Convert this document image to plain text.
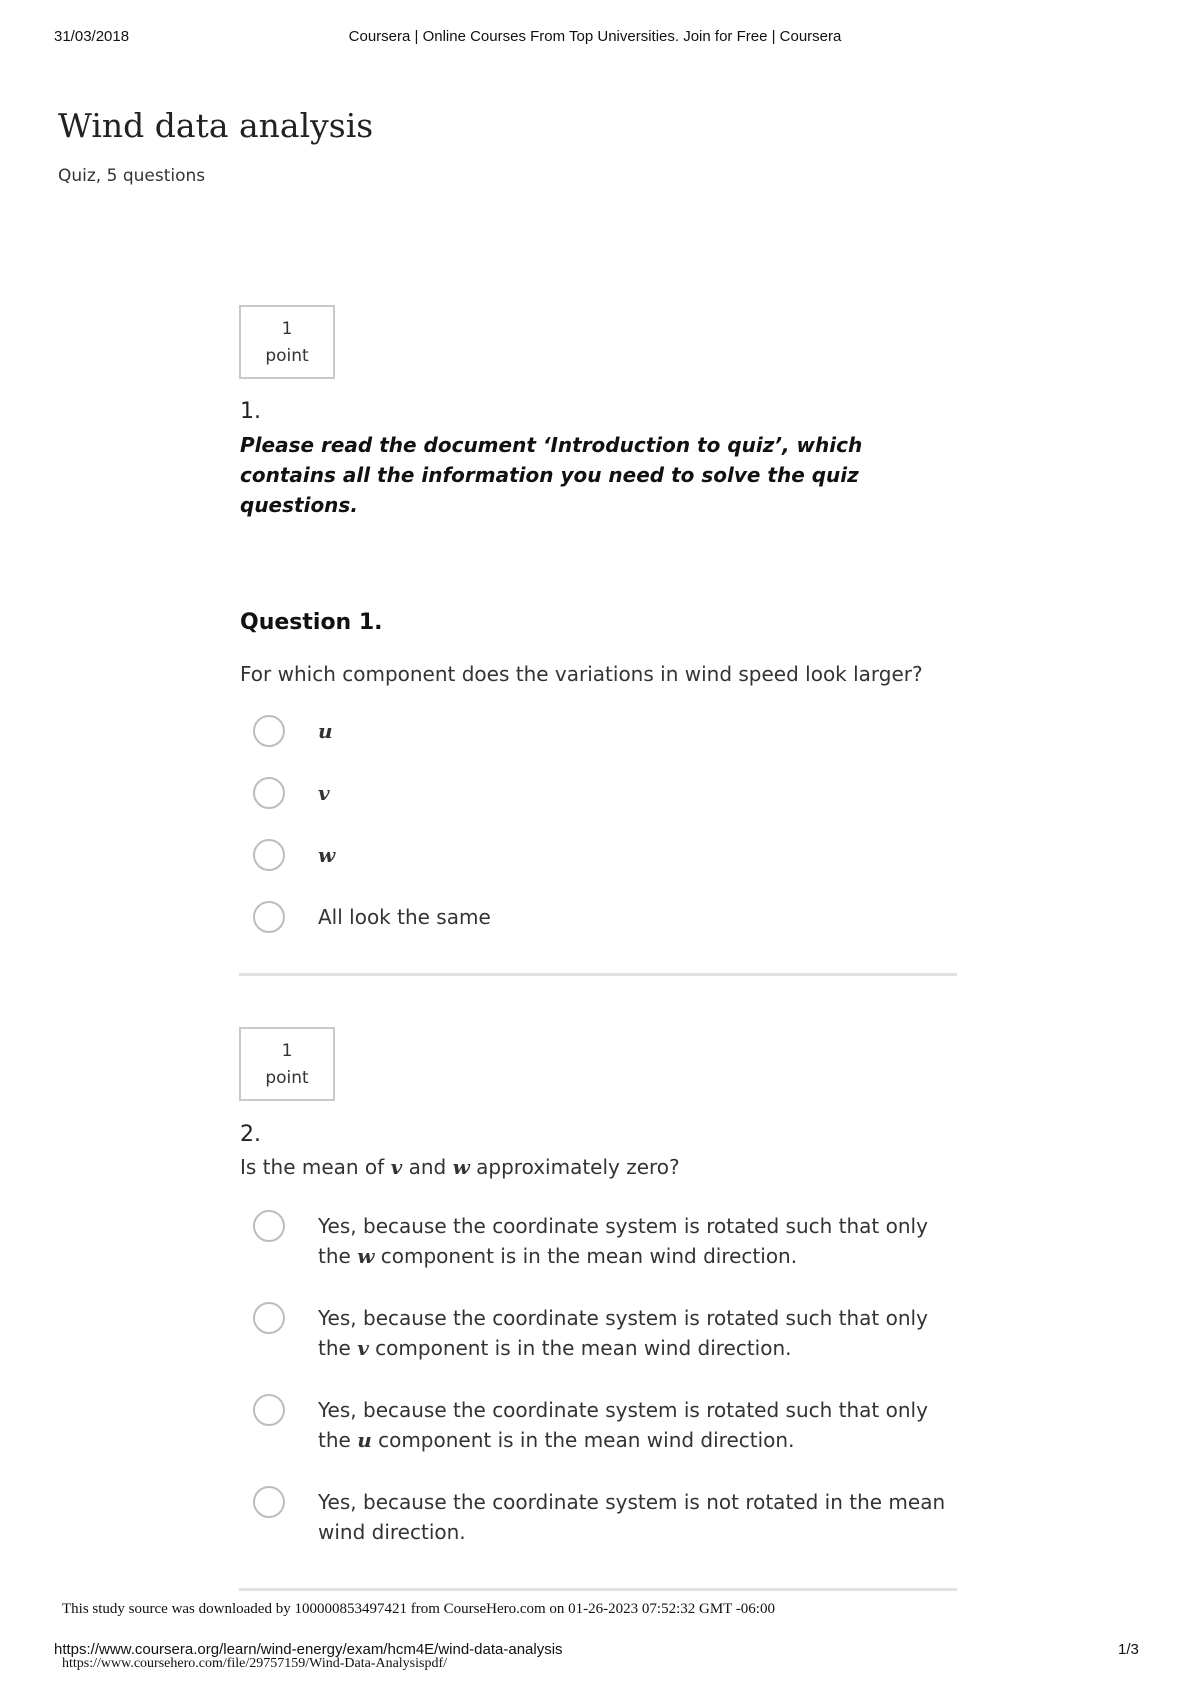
31/03/2018	Coursera | Online Courses From Top Universities. Join for Free | Coursera
Wind data analysis
Quiz, 5 questions
1
point
1.
Please read the document ‘Introduction to quiz’, which contains all the information you need to solve the quiz questions.
Question 1.
For which component does the variations in wind speed look larger?
u
v
w
All look the same
1
point
2.
Is the mean of v and w approximately zero?
Yes, because the coordinate system is rotated such that only the w component is in the mean wind direction.
Yes, because the coordinate system is rotated such that only the v component is in the mean wind direction.
Yes, because the coordinate system is rotated such that only the u component is in the mean wind direction.
Yes, because the coordinate system is not rotated in the mean wind direction.
This study source was downloaded by 100000853497421 from CourseHero.com on 01-26-2023 07:52:32 GMT -06:00
https://www.coursera.org/learn/wind-energy/exam/hcm4E/wind-data-analysis
https://www.coursehero.com/file/29757159/Wind-Data-Analysispdf/
1/3
